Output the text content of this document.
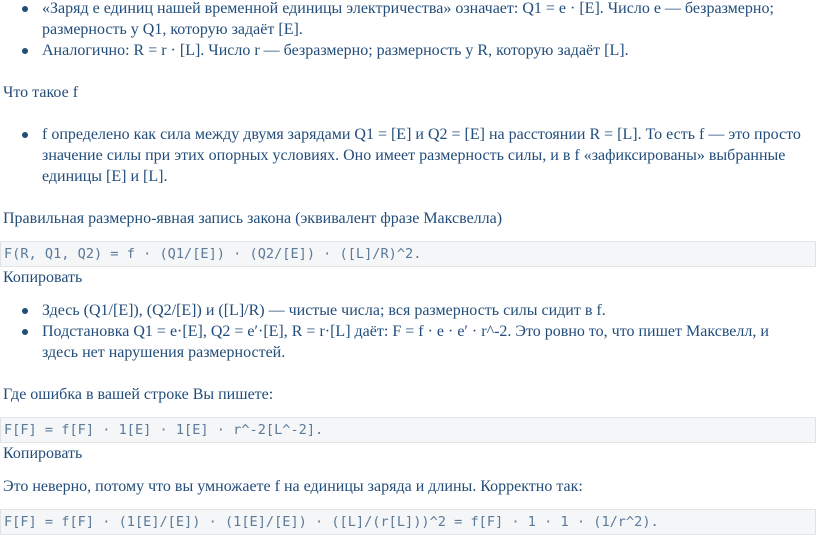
«Заряд e единиц нашей временной единицы электричества» означает: Q1 = e · [E]. Число e — безразмерно; размерность у Q1, которую задаёт [E].
Аналогично: R = r · [L]. Число r — безразмерно; размерность у R, которую задаёт [L].

Что такое f

f определено как сила между двумя зарядами Q1 = [E] и Q2 = [E] на расстоянии R = [L]. То есть f — это просто значение силы при этих опорных условиях. Оно имеет размерность силы, и в f «зафиксированы» выбранные единицы [E] и [L].

Правильная размерно-явная запись закона (эквивалент фразе Максвелла)

F(R, Q1, Q2) = f · (Q1/[E]) · (Q2/[E]) · ([L]/R)^2.
Копировать
Здесь (Q1/[E]), (Q2/[E]) и ([L]/R) — чистые числа; вся размерность силы сидит в f.
Подстановка Q1 = e·[E], Q2 = e′·[E], R = r·[L] даёт: F = f · e · e′ · r^-2. Это ровно то, что пишет Максвелл, и здесь нет нарушения размерностей.

Где ошибка в вашей строке Вы пишете:

F[F] = f[F] · 1[E] · 1[E] · r^-2[L^-2].
Копировать

Это неверно, потому что вы умножаете f на единицы заряда и длины. Корректно так:

F[F] = f[F] · (1[E]/[E]) · (1[E]/[E]) · ([L]/(r[L]))^2 = f[F] · 1 · 1 · (1/r^2).
